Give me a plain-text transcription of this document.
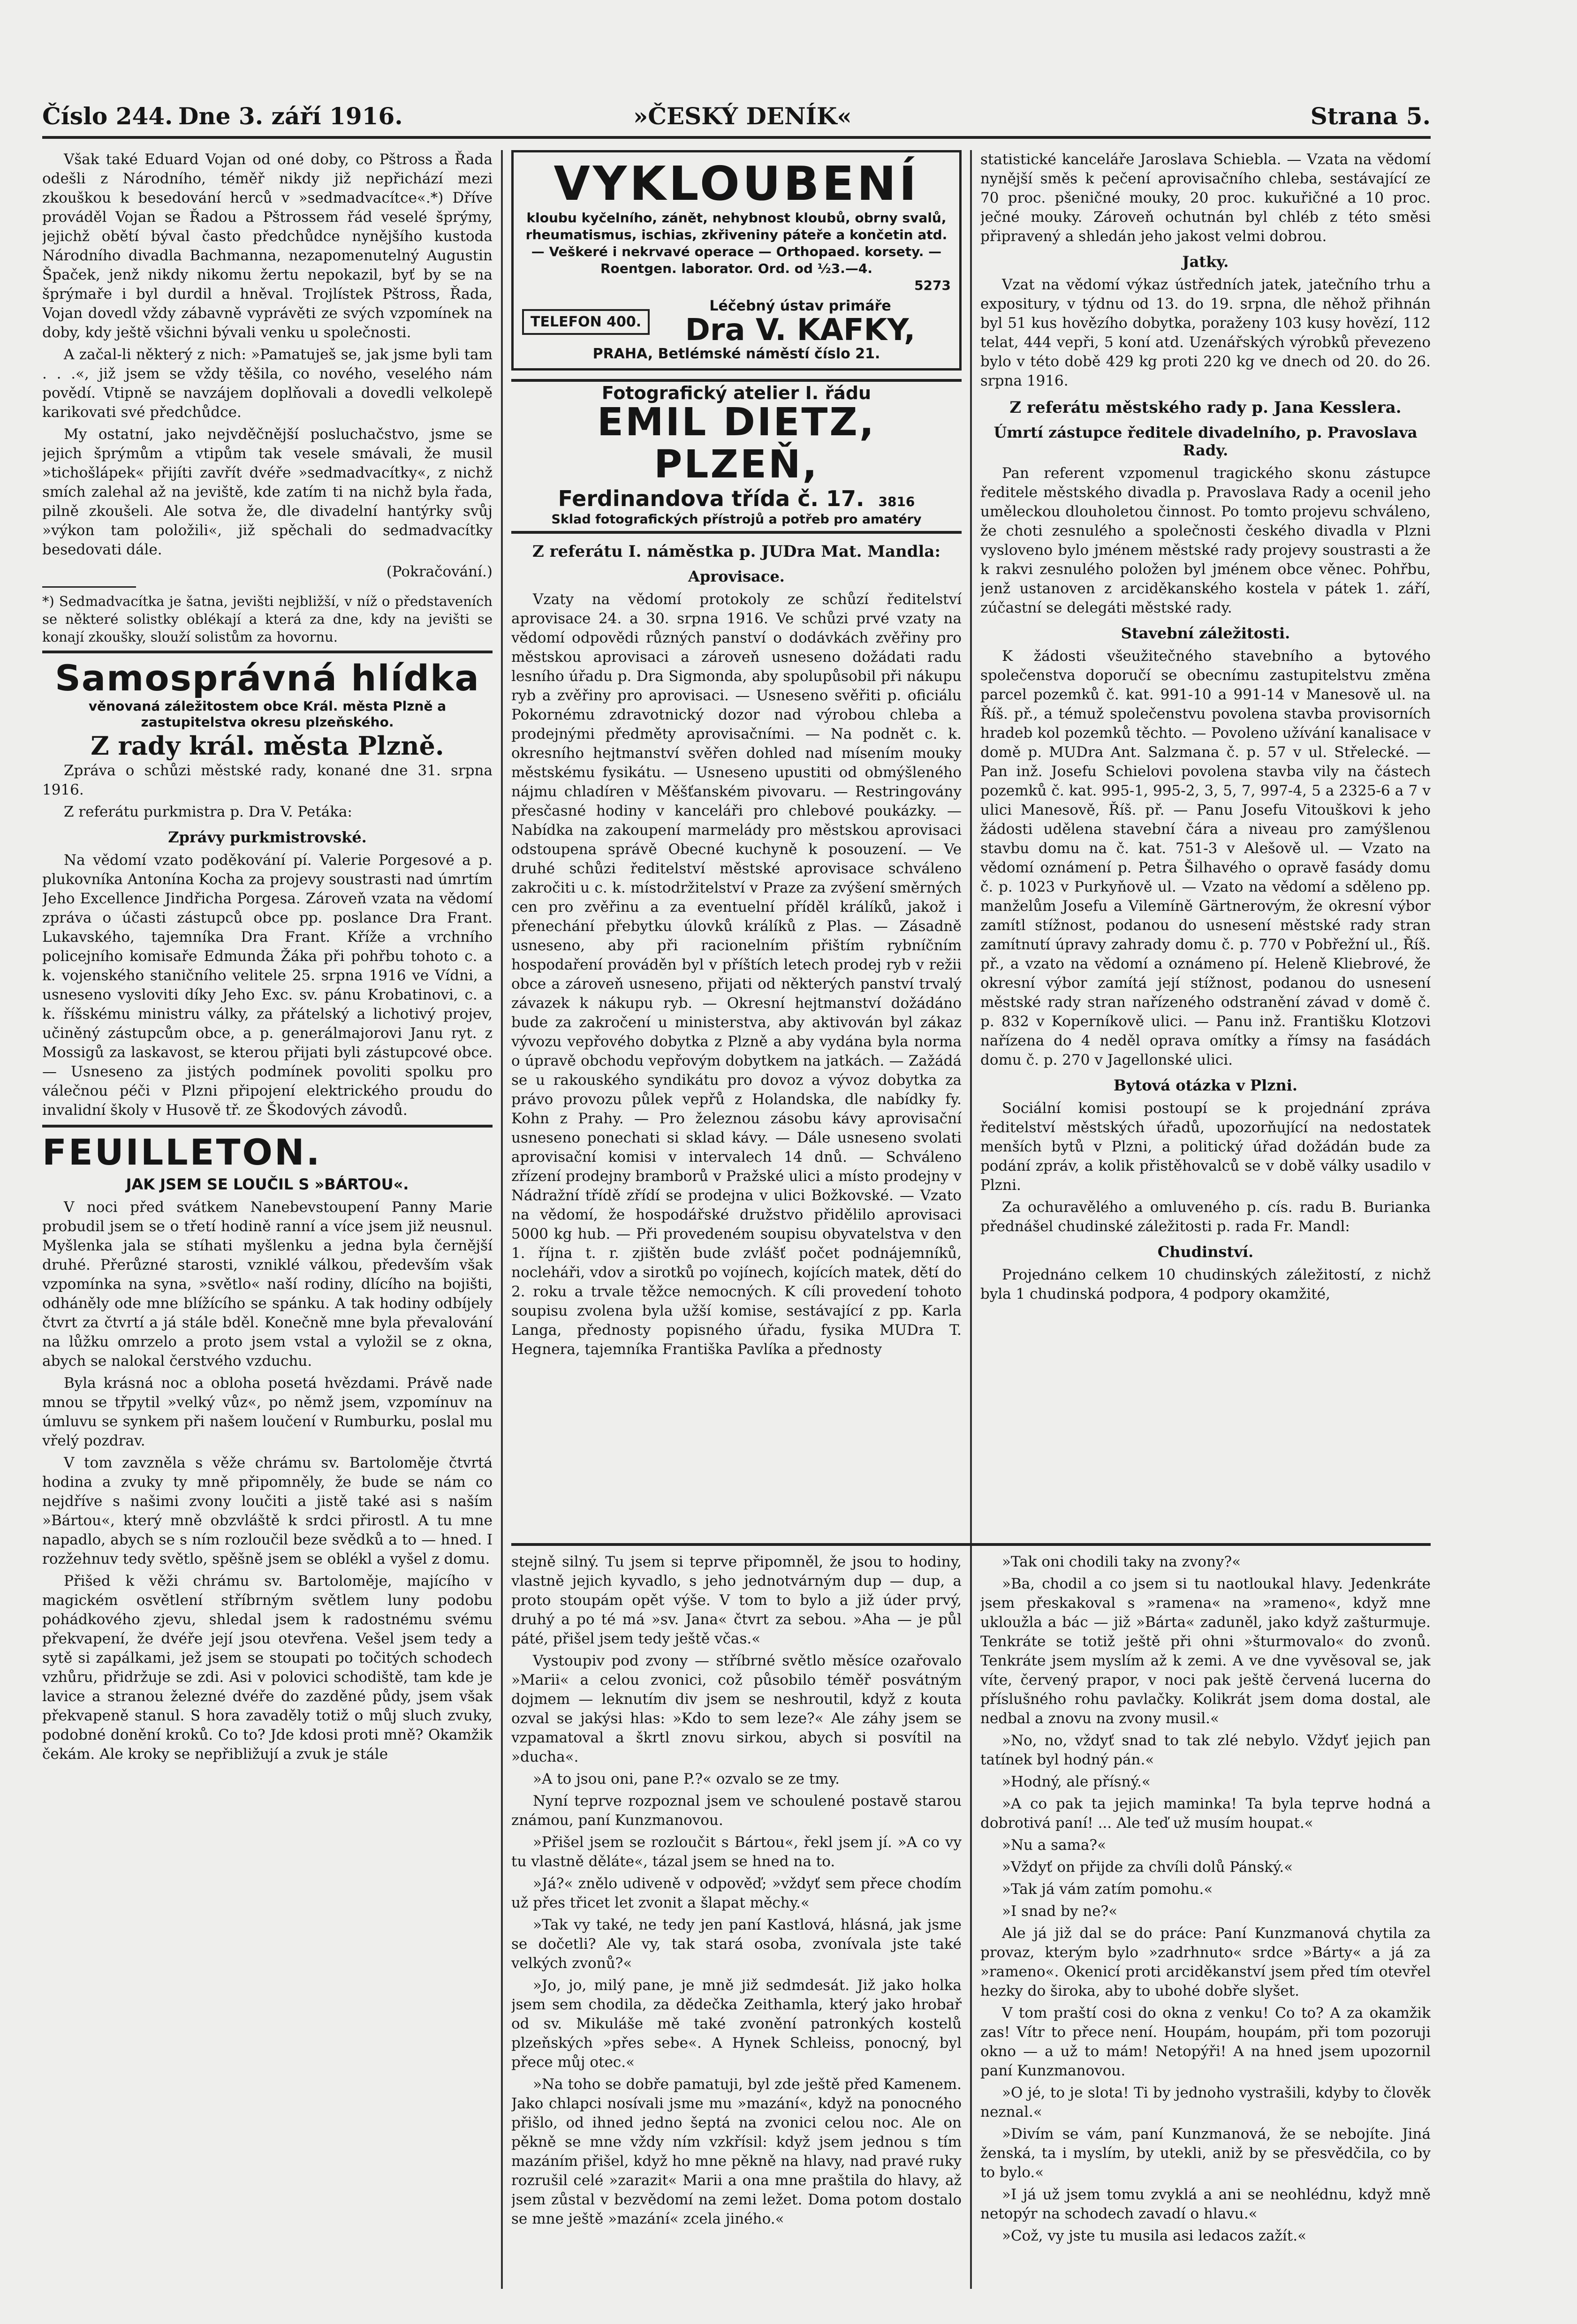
Číslo 244. Dne 3. září 1916.	»ČESKÝ DENÍK«	Strana 5.

Však také Eduard Vojan od oné doby, co Pštross a Řada odešli z Národního, téměř nikdy již nepřichází mezi zkouškou k besedování herců v »sedmadvacítce«.*) Dříve prováděl Vojan se Řadou a Pštrossem řád veselé šprýmy, jejichž obětí býval často předchůdce nynějšího kustoda Národního divadla Bachmanna, nezapomenutelný Augustin Špaček, jenž nikdy nikomu žertu nepokazil, byť by se na šprýmaře i byl durdil a hněval. Trojlístek Pštross, Řada, Vojan dovedl vždy zábavně vyprávěti ze svých vzpomínek na doby, kdy ještě všichni bývali venku u společnosti.

A začal-li některý z nich: »Pamatuješ se, jak jsme byli tam . . .«, již jsem se vždy těšila, co nového, veselého nám povědí. Vtipně se navzájem doplňovali a dovedli velkolepě karikovati své předchůdce.

My ostatní, jako nejvděčnější posluchačstvo, jsme se jejich šprýmům a vtipům tak vesele smávali, že musil »tichošlápek« přijíti zavřít dvéře »sedmadvacítky«, z nichž smích zalehal až na jeviště, kde zatím ti na nichž byla řada, pilně zkoušeli. Ale sotva že, dle divadelní hantýrky svůj »výkon tam položili«, již spěchali do sedmadvacítky besedovati dále.

(Pokračování.)

*) Sedmadvacítka je šatna, jevišti nejbližší, v níž o představeních se některé solistky oblékají a která za dne, kdy na jevišti se konají zkoušky, slouží solistům za hovornu.
Samosprávná hlídka
věnovaná záležitostem obce Král. města Plzně a zastupitelstva okresu plzeňského.
Z rady král. města Plzně.

Zpráva o schůzi městské rady, konané dne 31. srpna 1916.

Z referátu purkmistra p. Dra V. Petáka:

Zprávy purkmistrovské.

Na vědomí vzato poděkování pí. Valerie Porgesové a p. plukovníka Antonína Kocha za projevy soustrasti nad úmrtím Jeho Excellence Jindřicha Porgesa. Zároveň vzata na vědomí zpráva o účasti zástupců obce pp. poslance Dra Frant. Lukavského, tajemníka Dra Frant. Kříže a vrchního policejního komisaře Edmunda Žáka při pohřbu tohoto c. a k. vojenského staničního velitele 25. srpna 1916 ve Vídni, a usneseno vysloviti díky Jeho Exc. sv. pánu Krobatinovi, c. a k. říšskému ministru války, za přátelský a lichotivý projev, učiněný zástupcům obce, a p. generálmajorovi Janu ryt. z Mossigů za laskavost, se kterou přijati byli zástupcové obce. — Usneseno za jistých podmínek povoliti spolku pro válečnou péči v Plzni připojení elektrického proudu do invalidní školy v Husově tř. ze Škodových závodů.

FEUILLETON.
JAK JSEM SE LOUČIL S »BÁRTOU«.

V noci před svátkem Nanebevstoupení Panny Marie probudil jsem se o třetí hodině ranní a více jsem již neusnul. Myšlenka jala se stíhati myšlenku a jedna byla černější druhé. Přerůzné starosti, vzniklé válkou, především však vzpomínka na syna, »světlo« naší rodiny, dlícího na bojišti, odháněly ode mne blížícího se spánku. A tak hodiny odbíjely čtvrt za čtvrtí a já stále bděl. Konečně mne byla převalování na lůžku omrzelo a proto jsem vstal a vyložil se z okna, abych se nalokal čerstvého vzduchu.

Byla krásná noc a obloha posetá hvězdami. Právě nade mnou se třpytil »velký vůz«, po němž jsem, vzpomínuv na úmluvu se synkem při našem loučení v Rumburku, poslal mu vřelý pozdrav.

V tom zavzněla s věže chrámu sv. Bartoloměje čtvrtá hodina a zvuky ty mně připomněly, že bude se nám co nejdříve s našimi zvony loučiti a jistě také asi s naším »Bártou«, který mně obzvláště k srdci přirostl. A tu mne napadlo, abych se s ním rozloučil beze svědků a to — hned. I rozžehnuv tedy světlo, spěšně jsem se oblékl a vyšel z domu.

Přišed k věži chrámu sv. Bartoloměje, majícího v magickém osvětlení stříbrným světlem luny podobu pohádkového zjevu, shledal jsem k radostnému svému překvapení, že dvéře její jsou otevřena. Vešel jsem tedy a sytě si zapálkami, jež jsem se stoupati po točitých schodech vzhůru, přidržuje se zdi. Asi v polovici schodiště, tam kde je lavice a stranou železné dvéře do zazděné půdy, jsem však překvapeně stanul. S hora zavaděly totiž o můj sluch zvuky, podobné donění kroků. Co to? Jde kdosi proti mně? Okamžik čekám. Ale kroky se nepřibližují a zvuk je stále

VYKLOUBENÍ
kloubu kyčelního, zánět, nehybnost kloubů, obrny svalů, rheumatismus, ischias, zkřiveniny páteře a končetin atd. — Veškeré i nekrvavé operace — Orthopaed. korsety. — Roentgen. laborator. Ord. od ½3.—4.
5273
TELEFON 400.
Léčebný ústav primáře
Dra V. KAFKY,
PRAHA, Betlémské náměstí číslo 21.
Fotografický atelier I. řádu
EMIL DIETZ, PLZEŇ,
Ferdinandova třída č. 17. 3816
Sklad fotografických přístrojů a potřeb pro amatéry
Z referátu I. náměstka p. JUDra Mat. Mandla:
Aprovisace.

Vzaty na vědomí protokoly ze schůzí ředitelství aprovisace 24. a 30. srpna 1916. Ve schůzi prvé vzaty na vědomí odpovědi různých panství o dodávkách zvěřiny pro městskou aprovisaci a zároveň usneseno dožádati radu lesního úřadu p. Dra Sigmonda, aby spolupůsobil při nákupu ryb a zvěřiny pro aprovisaci. — Usneseno svěřiti p. oficiálu Pokornému zdravotnický dozor nad výrobou chleba a prodejnými předměty aprovisačními. — Na podnět c. k. okresního hejtmanství svěřen dohled nad mísením mouky městskému fysikátu. — Usneseno upustiti od obmýšleného nájmu chladíren v Měšťanském pivovaru. — Restringovány přesčasné hodiny v kanceláři pro chlebové poukázky. — Nabídka na zakoupení marmelády pro městskou aprovisaci odstoupena správě Obecné kuchyně k posouzení. — Ve druhé schůzi ředitelství městské aprovisace schváleno zakročiti u c. k. místodržitelství v Praze za zvýšení směrných cen pro zvěřinu a za eventuelní příděl králíků, jakož i přenechání přebytku úlovků králíků z Plas. — Zásadně usneseno, aby při racionelním přištím rybníčním hospodaření prováděn byl v příštích letech prodej ryb v režii obce a zároveň usneseno, přijati od některých panství trvalý závazek k nákupu ryb. — Okresní hejtmanství dožádáno bude za zakročení u ministerstva, aby aktivován byl zákaz vývozu vepřového dobytka z Plzně a aby vydána byla norma o úpravě obchodu vepřovým dobytkem na jatkách. — Zažádá se u rakouského syndikátu pro dovoz a vývoz dobytka za právo provozu půlek vepřů z Holandska, dle nabídky fy. Kohn z Prahy. — Pro železnou zásobu kávy aprovisační usneseno ponechati si sklad kávy. — Dále usneseno svolati aprovisační komisi v intervalech 14 dnů. — Schváleno zřízení prodejny bramborů v Pražské ulici a místo prodejny v Nádražní třídě zřídí se prodejna v ulici Božkovské. — Vzato na vědomí, že hospodářské družstvo přidělilo aprovisaci 5000 kg hub. — Při provedeném soupisu obyvatelstva v den 1. října t. r. zjištěn bude zvlášť počet podnájemníků, nocleháři, vdov a sirotků po vojínech, kojících matek, dětí do 2. roku a trvale těžce nemocných. K cíli provedení tohoto soupisu zvolena byla užší komise, sestávající z pp. Karla Langa, přednosty popisného úřadu, fysika MUDra T. Hegnera, tajemníka Františka Pavlíka a přednosty

statistické kanceláře Jaroslava Schiebla. — Vzata na vědomí nynější směs k pečení aprovisačního chleba, sestávající ze 70 proc. pšeničné mouky, 20 proc. kukuřičné a 10 proc. ječné mouky. Zároveň ochutnán byl chléb z této směsi připravený a shledán jeho jakost velmi dobrou.

Jatky.

Vzat na vědomí výkaz ústředních jatek, jatečního trhu a expositury, v týdnu od 13. do 19. srpna, dle něhož přihnán byl 51 kus hovězího dobytka, poraženy 103 kusy hovězí, 112 telat, 444 vepři, 5 koní atd. Uzenářských výrobků převezeno bylo v této době 429 kg proti 220 kg ve dnech od 20. do 26. srpna 1916.

Z referátu městského rady p. Jana Kesslera.
Úmrtí zástupce ředitele divadelního, p. Pravoslava Rady.

Pan referent vzpomenul tragického skonu zástupce ředitele městského divadla p. Pravoslava Rady a ocenil jeho uměleckou dlouholetou činnost. Po tomto projevu schváleno, že choti zesnulého a společnosti českého divadla v Plzni vysloveno bylo jménem městské rady projevy soustrasti a že k rakvi zesnulého položen byl jménem obce věnec. Pohřbu, jenž ustanoven z arciděkanského kostela v pátek 1. září, zúčastní se delegáti městské rady.

Stavební záležitosti.

K žádosti všeužitečného stavebního a bytového společenstva doporučí se obecnímu zastupitelstvu změna parcel pozemků č. kat. 991-10 a 991-14 v Manesově ul. na Říš. př., a témuž společenstvu povolena stavba provisorních hradeb kol pozemků těchto. — Povoleno užívání kanalisace v domě p. MUDra Ant. Salzmana č. p. 57 v ul. Střelecké. — Pan inž. Josefu Schielovi povolena stavba vily na částech pozemků č. kat. 995-1, 995-2, 3, 5, 7, 997-4, 5 a 2325-6 a 7 v ulici Manesově, Říš. př. — Panu Josefu Vitouškovi k jeho žádosti udělena stavební čára a niveau pro zamýšlenou stavbu domu na č. kat. 751-3 v Alešově ul. — Vzato na vědomí oznámení p. Petra Šilhavého o opravě fasády domu č. p. 1023 v Purkyňově ul. — Vzato na vědomí a sděleno pp. manželům Josefu a Vilemíně Gärtnerovým, že okresní výbor zamítl stížnost, podanou do usnesení městské rady stran zamítnutí úpravy zahrady domu č. p. 770 v Pobřežní ul., Říš. př., a vzato na vědomí a oznámeno pí. Heleně Kliebrové, že okresní výbor zamítá její stížnost, podanou do usnesení městské rady stran nařízeného odstranění závad v domě č. p. 832 v Koperníkově ulici. — Panu inž. Františku Klotzovi nařízena do 4 neděl oprava omítky a římsy na fasádách domu č. p. 270 v Jagellonské ulici.

Bytová otázka v Plzni.

Sociální komisi postoupí se k projednání zpráva ředitelství městských úřadů, upozorňující na nedostatek menších bytů v Plzni, a politický úřad dožádán bude za podání zpráv, a kolik přistěhovalců se v době války usadilo v Plzni.

Za ochuravělého a omluveného p. cís. radu B. Burianka přednášel chudinské záležitosti p. rada Fr. Mandl:

Chudinství.

Projednáno celkem 10 chudinských záležitostí, z nichž byla 1 chudinská podpora, 4 podpory okamžité,

stejně silný. Tu jsem si teprve připomněl, že jsou to hodiny, vlastně jejich kyvadlo, s jeho jednotvárným dup — dup, a proto stoupám opět výše. V tom to bylo a již úder prvý, druhý a po té má »sv. Jana« čtvrt za sebou. »Aha — je půl páté, přišel jsem tedy ještě včas.«

Vystoupiv pod zvony — stříbrné světlo měsíce ozařovalo »Marii« a celou zvonici, což působilo téměř posvátným dojmem — leknutím div jsem se neshroutil, když z kouta ozval se jakýsi hlas: »Kdo to sem leze?« Ale záhy jsem se vzpamatoval a škrtl znovu sirkou, abych si posvítil na »ducha«.

»A to jsou oni, pane P.?« ozvalo se ze tmy.

Nyní teprve rozpoznal jsem ve schoulené postavě starou známou, paní Kunzmanovou.

»Přišel jsem se rozloučit s Bártou«, řekl jsem jí. »A co vy tu vlastně děláte«, tázal jsem se hned na to.

»Já?« znělo udiveně v odpověď; »vždyť sem přece chodím už přes třicet let zvonit a šlapat měchy.«

»Tak vy také, ne tedy jen paní Kastlová, hlásná, jak jsme se dočetli? Ale vy, tak stará osoba, zvonívala jste také velkých zvonů?«

»Jo, jo, milý pane, je mně již sedmdesát. Již jako holka jsem sem chodila, za dědečka Zeithamla, který jako hrobař od sv. Mikuláše mě také zvonění patronkých kostelů plzeňských »přes sebe«. A Hynek Schleiss, ponocný, byl přece můj otec.«

»Na toho se dobře pamatuji, byl zde ještě před Kamenem. Jako chlapci nosívali jsme mu »mazání«, když na ponocného přišlo, od ihned jedno šeptá na zvonici celou noc. Ale on pěkně se mne vždy ním vzkřísil: když jsem jednou s tím mazáním přišel, když ho mne pěkně na hlavy, nad pravé ruky rozrušil celé »zarazit« Marii a ona mne praštila do hlavy, až jsem zůstal v bezvědomí na zemi ležet. Doma potom dostalo se mne ještě »mazání« zcela jiného.«

»Tak oni chodili taky na zvony?«

»Ba, chodil a co jsem si tu naotloukal hlavy. Jedenkráte jsem přeskakoval s »ramena« na »rameno«, když mne ukloužla a bác — již »Bárta« zaduněl, jako když zašturmuje. Tenkráte se totiž ještě při ohni »šturmovalo« do zvonů. Tenkráte jsem myslím až k zemi. A ve dne vyvěsoval se, jak víte, červený prapor, v noci pak ještě červená lucerna do příslušného rohu pavlačky. Kolikrát jsem doma dostal, ale nedbal a znovu na zvony musil.«

»No, no, vždyť snad to tak zlé nebylo. Vždyť jejich pan tatínek byl hodný pán.«

»Hodný, ale přísný.«

»A co pak ta jejich maminka! Ta byla teprve hodná a dobrotivá paní! ... Ale teď už musím houpat.«

»Nu a sama?«

»Vždyť on přijde za chvíli dolů Pánský.«

»Tak já vám zatím pomohu.«

»I snad by ne?«

Ale já již dal se do práce: Paní Kunzmanová chytila za provaz, kterým bylo »zadrhnuto« srdce »Bárty« a já za »rameno«. Okenicí proti arciděkanství jsem před tím otevřel hezky do široka, aby to ubohé dobře slyšet.

V tom praští cosi do okna z venku! Co to? A za okamžik zas! Vítr to přece není. Houpám, houpám, při tom pozoruji okno — a už to mám! Netopýři! A na hned jsem upozornil paní Kunzmanovou.

»O jé, to je slota! Ti by jednoho vystrašili, kdyby to člověk neznal.«

»Divím se vám, paní Kunzmanová, že se nebojíte. Jiná ženská, ta i myslím, by utekli, aniž by se přesvědčila, co by to bylo.«

»I já už jsem tomu zvyklá a ani se neohlédnu, když mně netopýr na schodech zavadí o hlavu.«

»Což, vy jste tu musila asi ledacos zažít.«
